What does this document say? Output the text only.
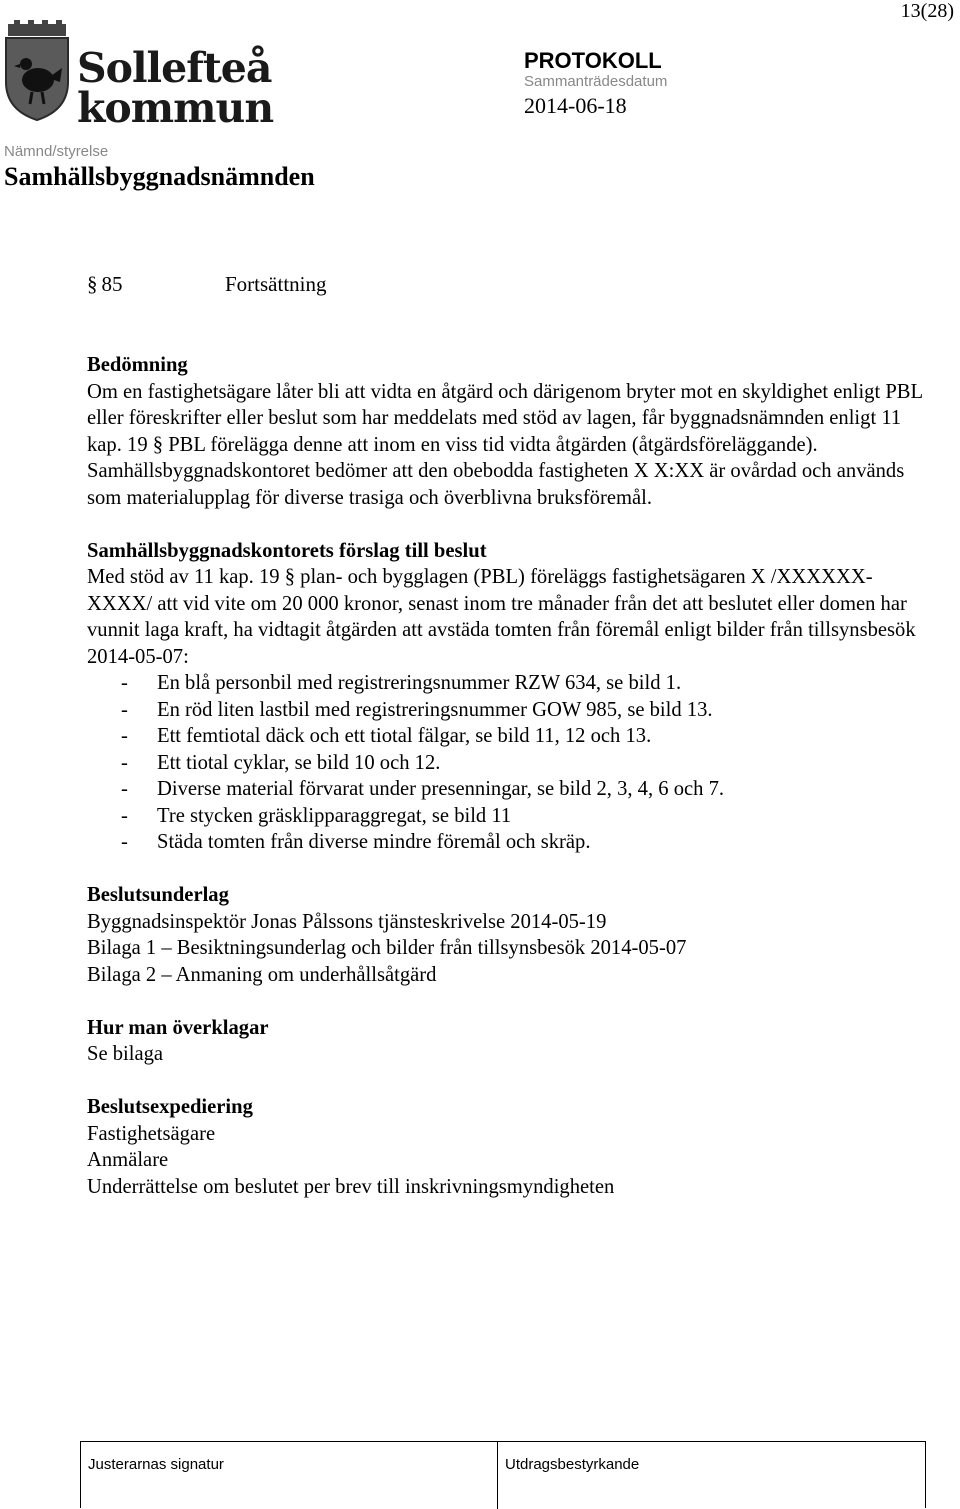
13(28)
Sollefteå
kommun
PROTOKOLL
Sammanträdesdatum
2014-06-18
Nämnd/styrelse
Samhällsbyggnadsnämnden
§ 85	Fortsättning
Bedömning

Om en fastighetsägare låter bli att vidta en åtgärd och därigenom bryter mot en skyldighet enligt PBL eller föreskrifter eller beslut som har meddelats med stöd av lagen, får byggnadsnämnden enligt 11 kap. 19 § PBL förelägga denne att inom en viss tid vidta åtgärden (åtgärdsföreläggande). Samhällsbyggnadskontoret bedömer att den obebodda fastigheten X X:XX är ovårdad och används som materialupplag för diverse trasiga och överblivna bruksföremål.

Samhällsbyggnadskontorets förslag till beslut

Med stöd av 11 kap. 19 § plan- och bygglagen (PBL) föreläggs fastighetsägaren X /XXXXXX-XXXX/ att vid vite om 20 000 kronor, senast inom tre månader från det att beslutet eller domen har vunnit laga kraft, ha vidtagit åtgärden att avstäda tomten från föremål enligt bilder från tillsynsbesök 2014-05-07:

- En blå personbil med registreringsnummer RZW 634, se bild 1.
- En röd liten lastbil med registreringsnummer GOW 985, se bild 13.
- Ett femtiotal däck och ett tiotal fälgar, se bild 11, 12 och 13.
- Ett tiotal cyklar, se bild 10 och 12.
- Diverse material förvarat under presenningar, se bild 2, 3, 4, 6 och 7.
- Tre stycken gräsklipparaggregat, se bild 11
- Städa tomten från diverse mindre föremål och skräp.
Beslutsunderlag
Byggnadsinspektör Jonas Pålssons tjänsteskrivelse 2014-05-19
Bilaga 1 – Besiktningsunderlag och bilder från tillsynsbesök 2014-05-07
Bilaga 2 – Anmaning om underhållsåtgärd
Hur man överklagar
Se bilaga
Beslutsexpediering
Fastighetsägare
Anmälare
Underrättelse om beslutet per brev till inskrivningsmyndigheten
Justerarnas signatur	Utdragsbestyrkande
